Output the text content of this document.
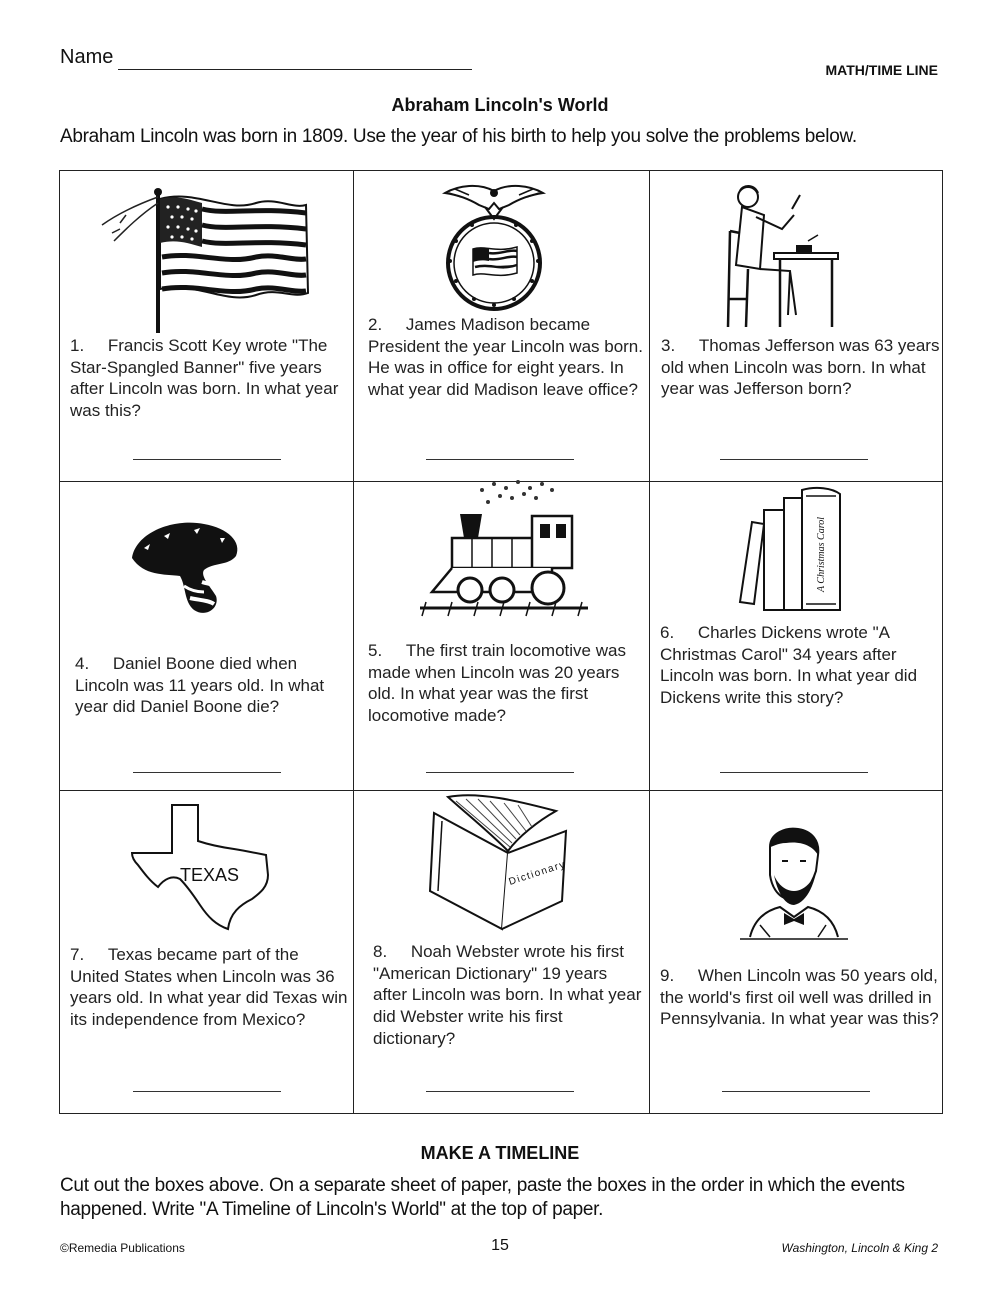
Name
MATH/TIME LINE
Abraham Lincoln's World
Abraham Lincoln was born in 1809. Use the year of his birth to help you solve the problems below.
1. Francis Scott Key wrote "The Star-Spangled Banner" five years after Lincoln was born. In what year was this?
2. James Madison became President the year Lincoln was born. He was in office for eight years. In what year did Madison leave office?
3. Thomas Jefferson was 63 years old when Lincoln was born. In what year was Jefferson born?
4. Daniel Boone died when Lincoln was 11 years old. In what year did Daniel Boone die?
5. The first train locomotive was made when Lincoln was 20 years old. In what year was the first locomotive made?
A Christmas Carol
6. Charles Dickens wrote "A Christmas Carol" 34 years after Lincoln was born. In what year did Dickens write this story?
TEXAS
7. Texas became part of the United States when Lincoln was 36 years old. In what year did Texas win its independence from Mexico?
Dictionary
8. Noah Webster wrote his first "American Dictionary" 19 years after Lincoln was born. In what year did Webster write his first dictionary?
9. When Lincoln was 50 years old, the world's first oil well was drilled in Pennsylvania. In what year was this?
MAKE A TIMELINE
Cut out the boxes above. On a separate sheet of paper, paste the boxes in the order in which the events happened. Write "A Timeline of Lincoln's World" at the top of paper.
©Remedia Publications	15	Washington, Lincoln & King 2
